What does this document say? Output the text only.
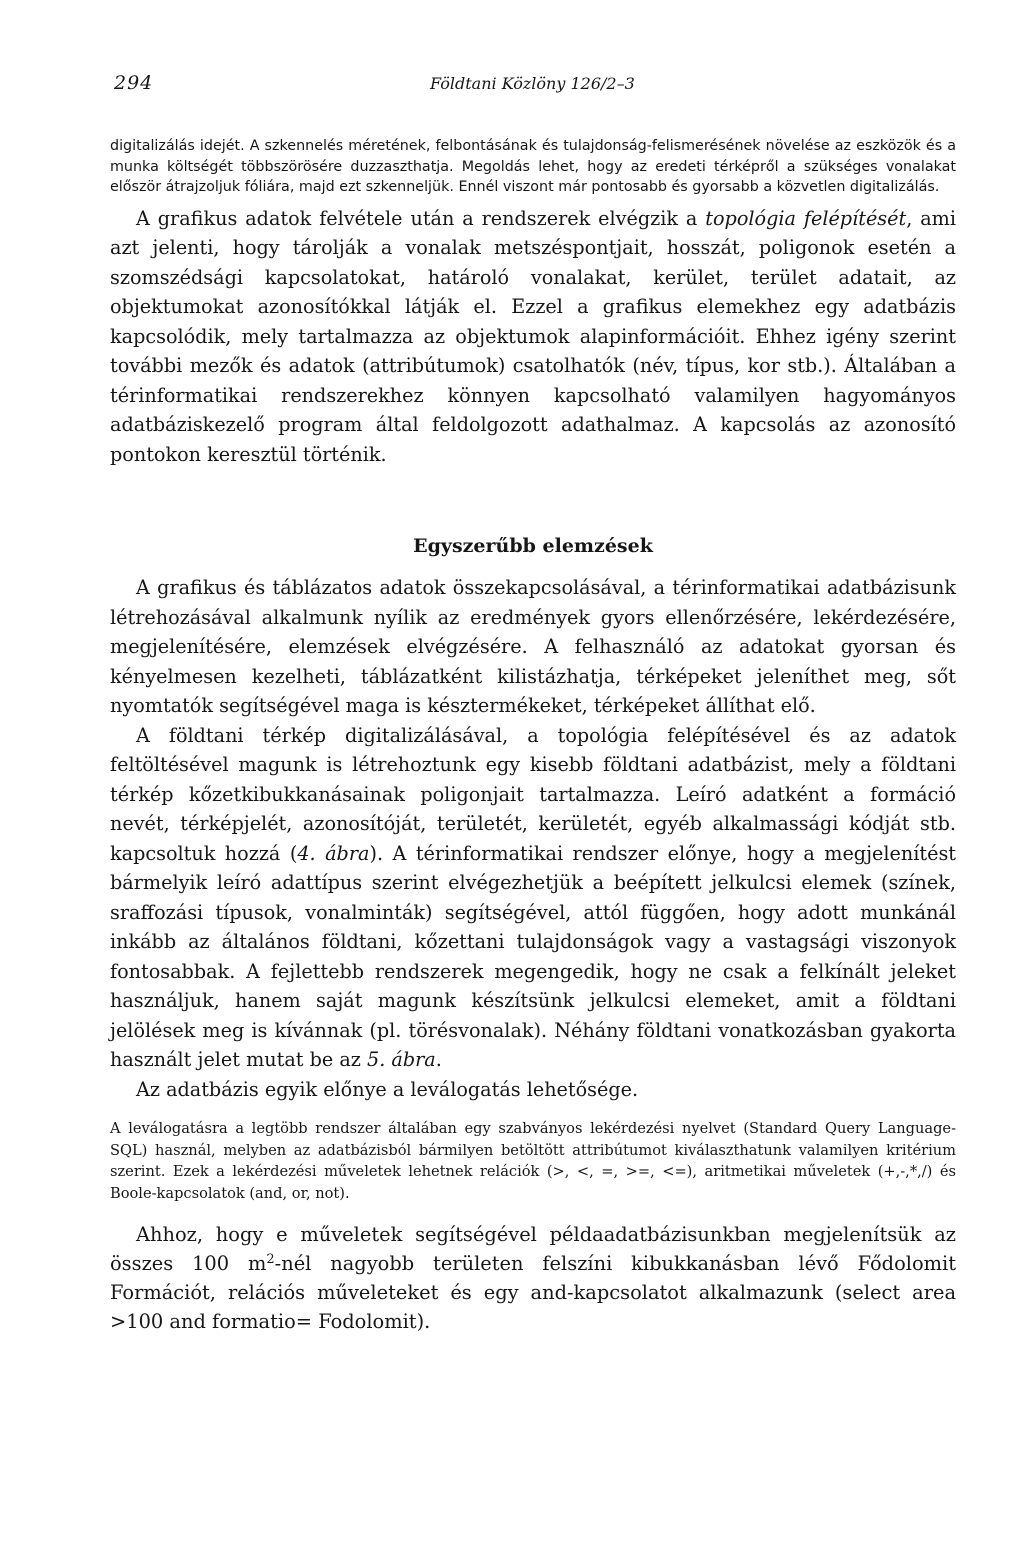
294	Földtani Közlöny 126/2–3

digitalizálás idejét. A szkennelés méretének, felbontásának és tulajdonság-felismerésének növelése az eszközök és a munka költségét többszörösére duzzaszthatja. Megoldás lehet, hogy az eredeti térképről a szükséges vonalakat először átrajzoljuk fóliára, majd ezt szkenneljük. Ennél viszont már pontosabb és gyorsabb a közvetlen digitalizálás.

A grafikus adatok felvétele után a rendszerek elvégzik a topológia felépítését, ami azt jelenti, hogy tárolják a vonalak metszéspontjait, hosszát, poligonok esetén a szomszédsági kapcsolatokat, határoló vonalakat, kerület, terület adatait, az objektumokat azonosítókkal látják el. Ezzel a grafikus elemekhez egy adatbázis kapcsolódik, mely tartalmazza az objektumok alapinformációit. Ehhez igény szerint további mezők és adatok (attribútumok) csatolhatók (név, típus, kor stb.). Általában a térinformatikai rendszerekhez könnyen kapcsolható valamilyen hagyományos adatbáziskezelő program által feldolgozott adathalmaz. A kapcsolás az azonosító pontokon keresztül történik.

Egyszerűbb elemzések

A grafikus és táblázatos adatok összekapcsolásával, a térinformatikai adatbázisunk létrehozásával alkalmunk nyílik az eredmények gyors ellenőrzésére, lekérdezésére, megjelenítésére, elemzések elvégzésére. A felhasználó az adatokat gyorsan és kényelmesen kezelheti, táblázatként kilistázhatja, térképeket jeleníthet meg, sőt nyomtatók segítségével maga is késztermékeket, térképeket állíthat elő.

A földtani térkép digitalizálásával, a topológia felépítésével és az adatok feltöltésével magunk is létrehoztunk egy kisebb földtani adatbázist, mely a földtani térkép kőzetkibukkanásainak poligonjait tartalmazza. Leíró adatként a formáció nevét, térképjelét, azonosítóját, területét, kerületét, egyéb alkalmassági kódját stb. kapcsoltuk hozzá (4. ábra). A térinformatikai rendszer előnye, hogy a megjelenítést bármelyik leíró adattípus szerint elvégezhetjük a beépített jelkulcsi elemek (színek, sraffozási típusok, vonalminták) segítségével, attól függően, hogy adott munkánál inkább az általános földtani, kőzettani tulajdonságok vagy a vastagsági viszonyok fontosabbak. A fejlettebb rendszerek megengedik, hogy ne csak a felkínált jeleket használjuk, hanem saját magunk készítsünk jelkulcsi elemeket, amit a földtani jelölések meg is kívánnak (pl. törésvonalak). Néhány földtani vonatkozásban gyakorta használt jelet mutat be az 5. ábra.

Az adatbázis egyik előnye a leválogatás lehetősége.

A leválogatásra a legtöbb rendszer általában egy szabványos lekérdezési nyelvet (Standard Query Language-SQL) használ, melyben az adatbázisból bármilyen betöltött attribútumot kiválaszthatunk valamilyen kritérium szerint. Ezek a lekérdezési műveletek lehetnek relációk (>, <, =, >=, <=), aritmetikai műveletek (+,-,*,/) és Boole-kapcsolatok (and, or, not).

Ahhoz, hogy e műveletek segítségével példaadatbázisunkban megjelenítsük az összes 100 $m^2$-nél nagyobb területen felszíni kibukkanásban lévő Fődolomit Formációt, relációs műveleteket és egy and-kapcsolatot alkalmazunk (select area >100 and formatio= Fodolomit).
